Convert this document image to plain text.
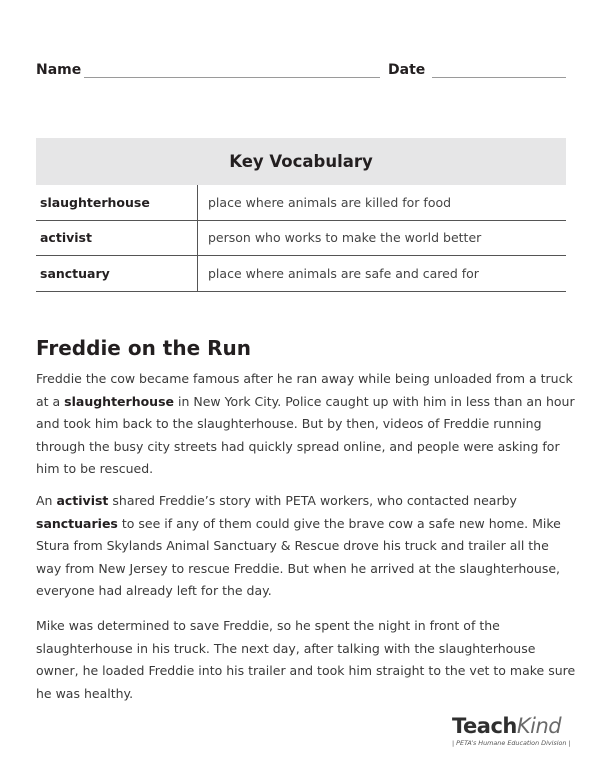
Name	Date
Key Vocabulary
slaughterhouse	place where animals are killed for food
activist	person who works to make the world better
sanctuary	place where animals are safe and cared for
Freddie on the Run

Freddie the cow became famous after he ran away while being unloaded from a truck at a slaughterhouse in New York City. Police caught up with him in less than an hour and took him back to the slaughterhouse. But by then, videos of Freddie running through the busy city streets had quickly spread online, and people were asking for him to be rescued.

An activist shared Freddie’s story with PETA workers, who contacted nearby sanctuaries to see if any of them could give the brave cow a safe new home. Mike Stura from Skylands Animal Sanctuary & Rescue drove his truck and trailer all the way from New Jersey to rescue Freddie. But when he arrived at the slaughterhouse, everyone had already left for the day.

Mike was determined to save Freddie, so he spent the night in front of the slaughterhouse in his truck. The next day, after talking with the slaughterhouse owner, he loaded Freddie into his trailer and took him straight to the vet to make sure he was healthy.

TeachKind
| PETA’s Humane Education Division |
